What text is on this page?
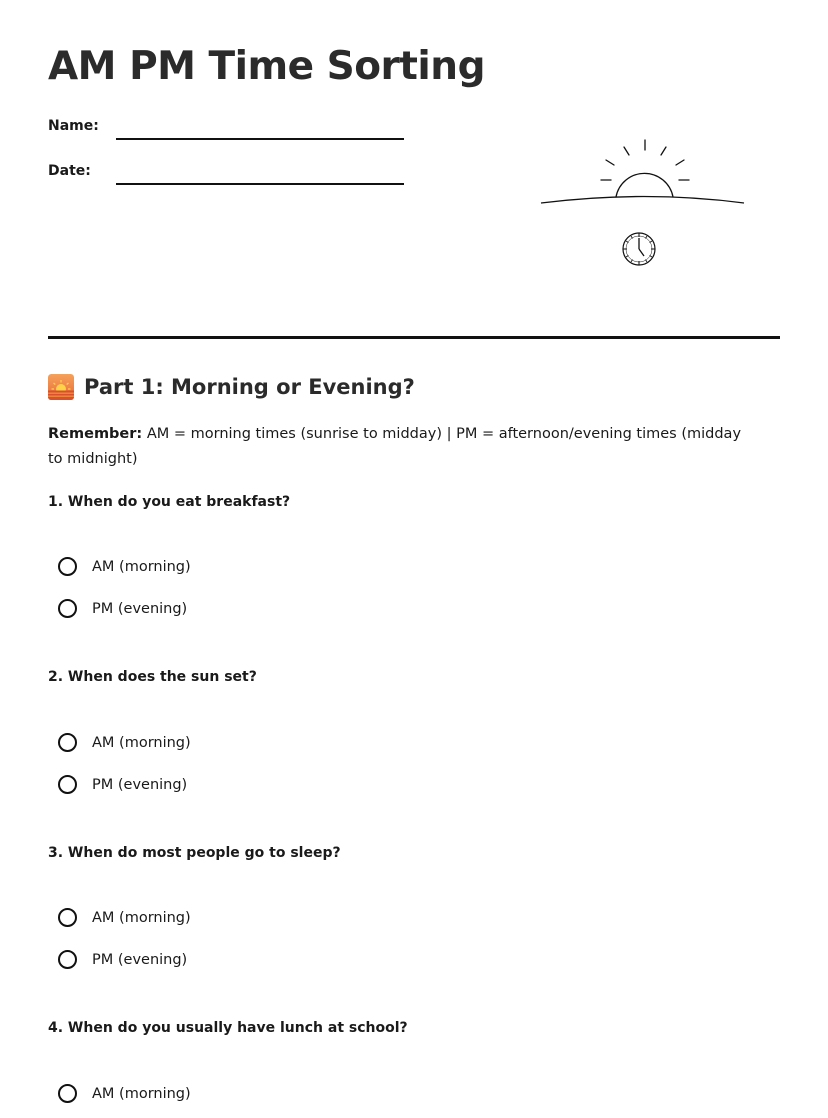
AM PM Time Sorting
Name:
Date:
Part 1: Morning or Evening?
Remember: AM = morning times (sunrise to midday) | PM = afternoon/evening times (midday to midnight)
1. When do you eat breakfast?
AM (morning)
PM (evening)
2. When does the sun set?
AM (morning)
PM (evening)
3. When do most people go to sleep?
AM (morning)
PM (evening)
4. When do you usually have lunch at school?
AM (morning)
